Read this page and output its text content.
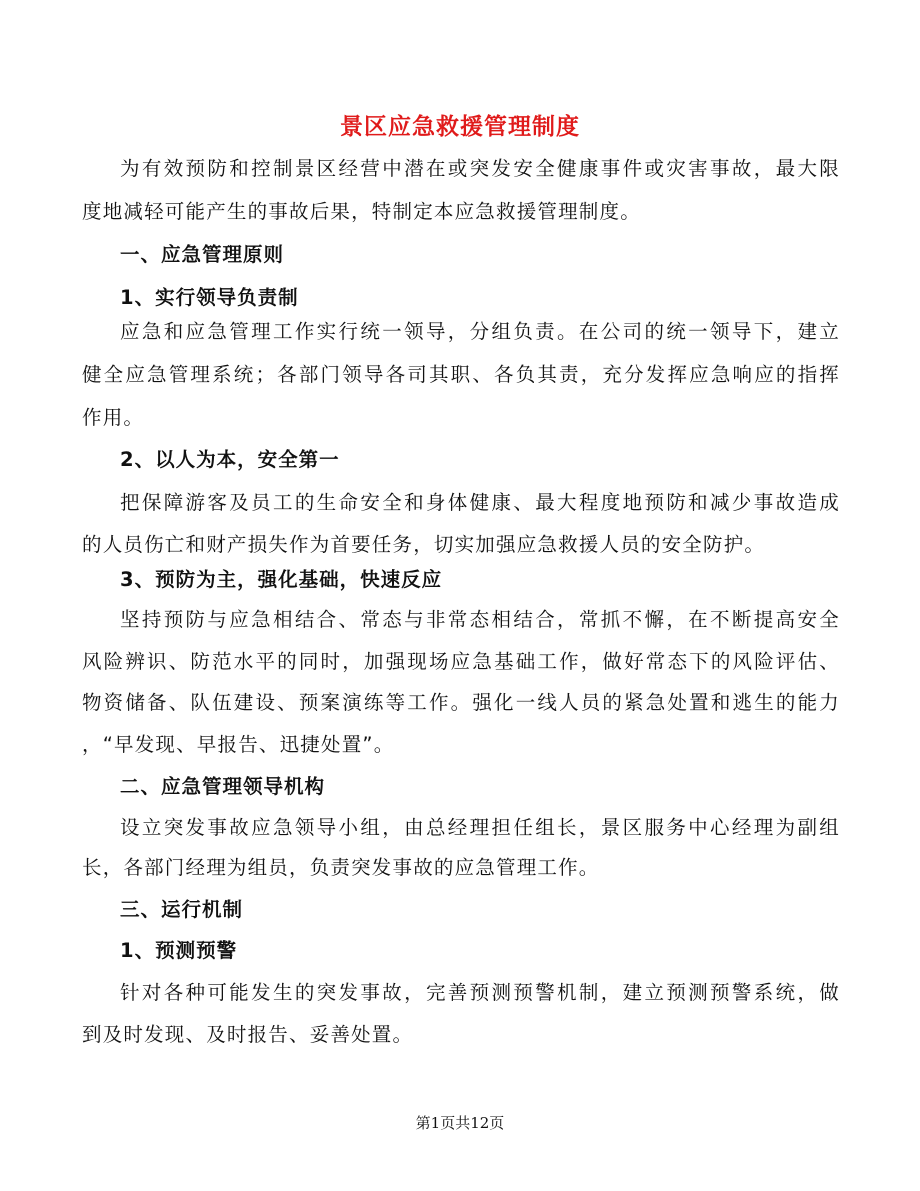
景区应急救援管理制度
为有效预防和控制景区经营中潜在或突发安全健康事件或灾害事故，最大限
度地减轻可能产生的事故后果，特制定本应急救援管理制度。
一、应急管理原则
1、实行领导负责制
应急和应急管理工作实行统一领导，分组负责。在公司的统一领导下，建立
健全应急管理系统；各部门领导各司其职、各负其责，充分发挥应急响应的指挥
作用。
2、以人为本，安全第一
把保障游客及员工的生命安全和身体健康、最大程度地预防和减少事故造成
的人员伤亡和财产损失作为首要任务，切实加强应急救援人员的安全防护。
3、预防为主，强化基础，快速反应
坚持预防与应急相结合、常态与非常态相结合，常抓不懈，在不断提高安全
风险辨识、防范水平的同时，加强现场应急基础工作，做好常态下的风险评估、
物资储备、队伍建设、预案演练等工作。强化一线人员的紧急处置和逃生的能力
，“早发现、早报告、迅捷处置”。
二、应急管理领导机构
设立突发事故应急领导小组，由总经理担任组长，景区服务中心经理为副组
长，各部门经理为组员，负责突发事故的应急管理工作。
三、运行机制
1、预测预警
针对各种可能发生的突发事故，完善预测预警机制，建立预测预警系统，做
到及时发现、及时报告、妥善处置。
第1页共12页
